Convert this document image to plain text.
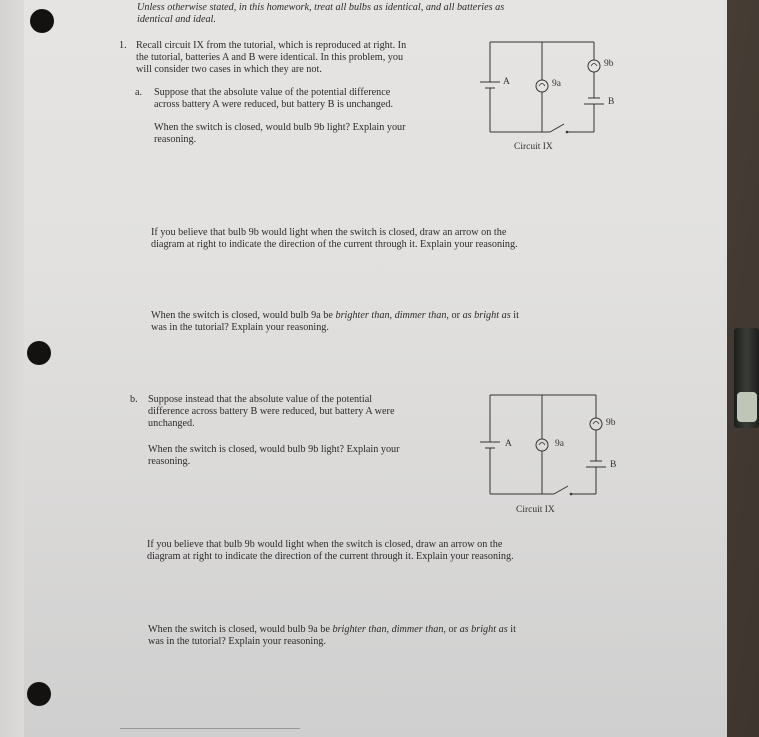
Unless otherwise stated, in this homework, treat all bulbs as identical, and all batteries as
identical and ideal.
1. Recall circuit IX from the tutorial, which is reproduced at right. In
the tutorial, batteries A and B were identical. In this problem, you
will consider two cases in which they are not.
a. Suppose that the absolute value of the potential difference
across battery A were reduced, but battery B is unchanged.
When the switch is closed, would bulb 9b light? Explain your
reasoning.
A	9a
9b
B
Circuit IX
If you believe that bulb 9b would light when the switch is closed, draw an arrow on the
diagram at right to indicate the direction of the current through it. Explain your reasoning.
When the switch is closed, would bulb 9a be brighter than, dimmer than, or as bright as it
was in the tutorial? Explain your reasoning.
b. Suppose instead that the absolute value of the potential
difference across battery B were reduced, but battery A were
unchanged.
When the switch is closed, would bulb 9b light? Explain your
reasoning.
A	9a
9b
B
Circuit IX
If you believe that bulb 9b would light when the switch is closed, draw an arrow on the
diagram at right to indicate the direction of the current through it. Explain your reasoning.
When the switch is closed, would bulb 9a be brighter than, dimmer than, or as bright as it
was in the tutorial? Explain your reasoning.
